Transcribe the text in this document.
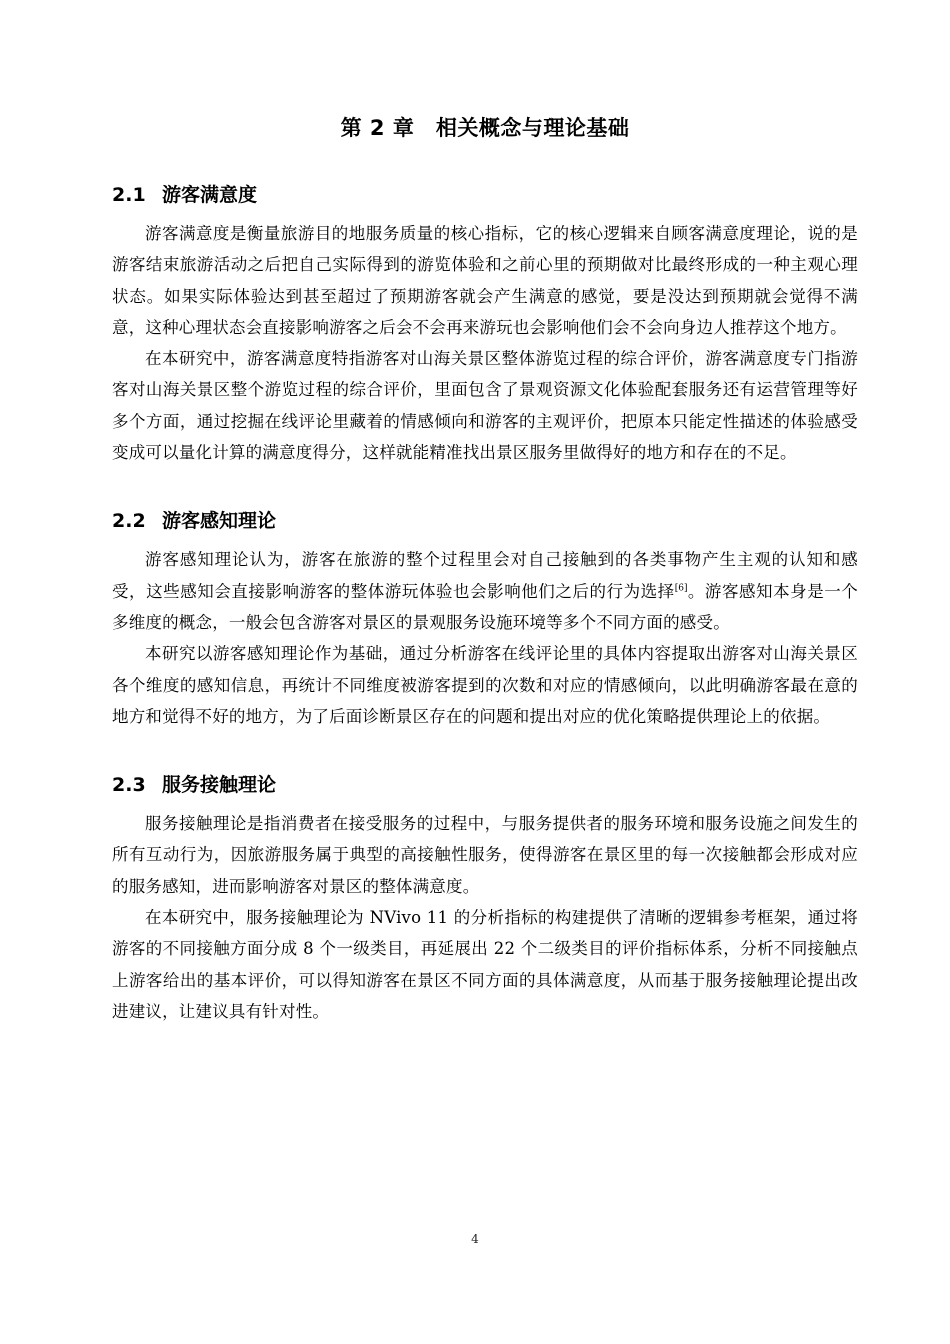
第 2 章　相关概念与理论基础
2.1 游客满意度

游客满意度是衡量旅游目的地服务质量的核心指标，它的核心逻辑来自顾客满意度理论，说的是游客结束旅游活动之后把自己实际得到的游览体验和之前心里的预期做对比最终形成的一种主观心理状态。如果实际体验达到甚至超过了预期游客就会产生满意的感觉，要是没达到预期就会觉得不满意，这种心理状态会直接影响游客之后会不会再来游玩也会影响他们会不会向身边人推荐这个地方。

在本研究中，游客满意度特指游客对山海关景区整体游览过程的综合评价，游客满意度专门指游客对山海关景区整个游览过程的综合评价，里面包含了景观资源文化体验配套服务还有运营管理等好多个方面，通过挖掘在线评论里藏着的情感倾向和游客的主观评价，把原本只能定性描述的体验感受变成可以量化计算的满意度得分，这样就能精准找出景区服务里做得好的地方和存在的不足。

2.2 游客感知理论

游客感知理论认为，游客在旅游的整个过程里会对自己接触到的各类事物产生主观的认知和感受，这些感知会直接影响游客的整体游玩体验也会影响他们之后的行为选择[6]。游客感知本身是一个多维度的概念，一般会包含游客对景区的景观服务设施环境等多个不同方面的感受。

本研究以游客感知理论作为基础，通过分析游客在线评论里的具体内容提取出游客对山海关景区各个维度的感知信息，再统计不同维度被游客提到的次数和对应的情感倾向，以此明确游客最在意的地方和觉得不好的地方，为了后面诊断景区存在的问题和提出对应的优化策略提供理论上的依据。

2.3 服务接触理论

服务接触理论是指消费者在接受服务的过程中，与服务提供者的服务环境和服务设施之间发生的所有互动行为，因旅游服务属于典型的高接触性服务，使得游客在景区里的每一次接触都会形成对应的服务感知，进而影响游客对景区的整体满意度。

在本研究中，服务接触理论为 NVivo 11 的分析指标的构建提供了清晰的逻辑参考框架，通过将游客的不同接触方面分成 8 个一级类目，再延展出 22 个二级类目的评价指标体系，分析不同接触点上游客给出的基本评价，可以得知游客在景区不同方面的具体满意度，从而基于服务接触理论提出改进建议，让建议具有针对性。

4
